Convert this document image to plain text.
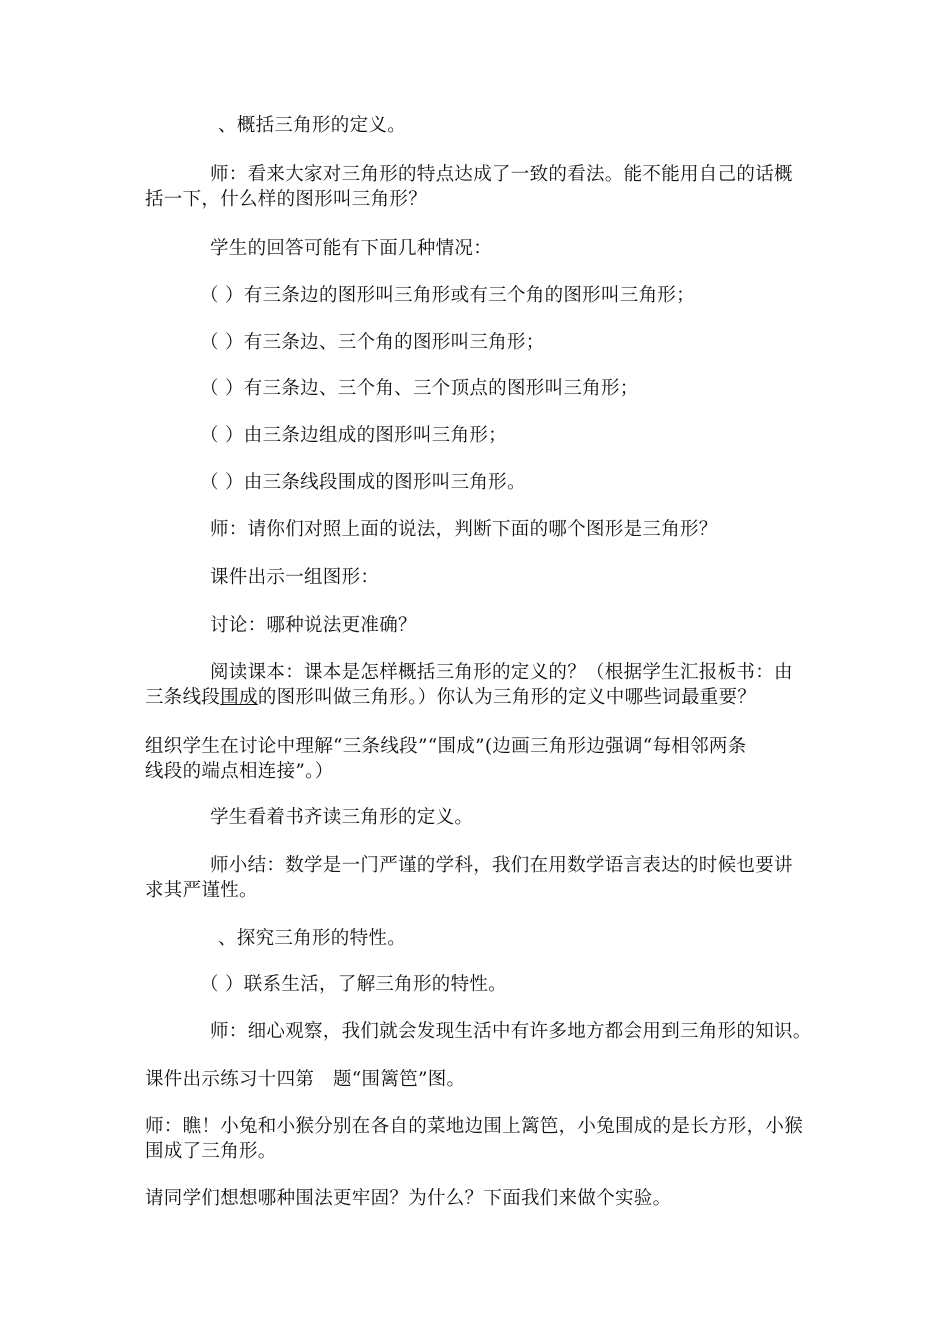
、概括三角形的定义。

师：看来大家对三角形的特点达成了一致的看法。能不能用自己的话概

括一下，什么样的图形叫三角形？

学生的回答可能有下面几种情况：

（ ）有三条边的图形叫三角形或有三个角的图形叫三角形；

（ ）有三条边、三个角的图形叫三角形；

（ ）有三条边、三个角、三个顶点的图形叫三角形；

（ ）由三条边组成的图形叫三角形；

（ ）由三条线段围成的图形叫三角形。

师：请你们对照上面的说法，判断下面的哪个图形是三角形？

课件出示一组图形：

讨论：哪种说法更准确？

阅读课本：课本是怎样概括三角形的定义的？（根据学生汇报板书：由

三条线段围成的图形叫做三角形。）你认为三角形的定义中哪些词最重要？

组织学生在讨论中理解“三条线段”“围成”(边画三角形边强调“每相邻两条

线段的端点相连接”。）

学生看着书齐读三角形的定义。

师小结：数学是一门严谨的学科，我们在用数学语言表达的时候也要讲

求其严谨性。

、探究三角形的特性。

（ ）联系生活，了解三角形的特性。

师：细心观察，我们就会发现生活中有许多地方都会用到三角形的知识。

课件出示练习十四第　题“围篱笆”图。

师：瞧！小兔和小猴分别在各自的菜地边围上篱笆，小兔围成的是长方形，小猴

围成了三角形。

请同学们想想哪种围法更牢固？为什么？下面我们来做个实验。
